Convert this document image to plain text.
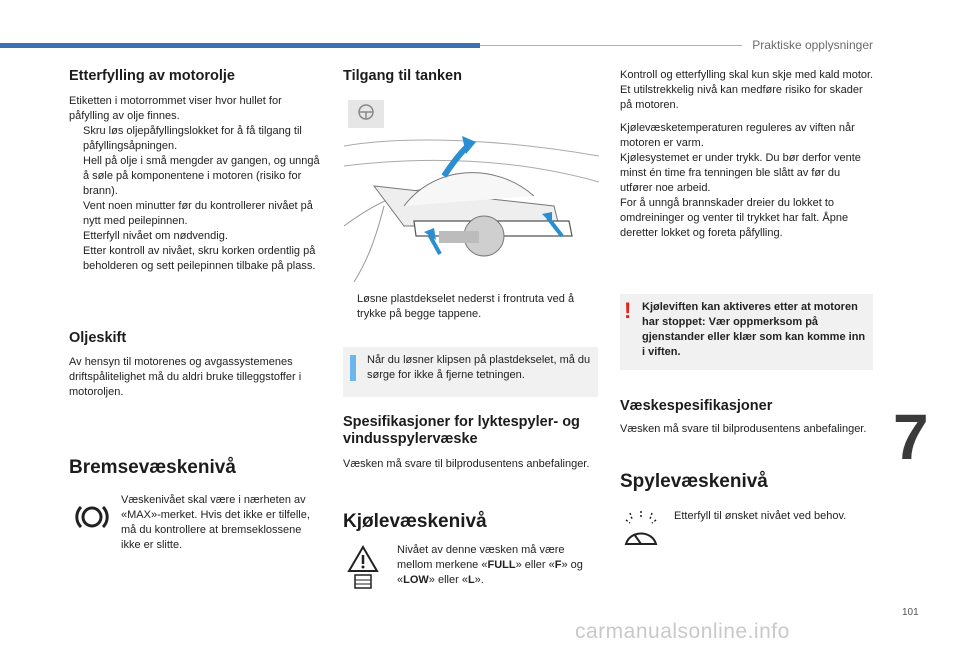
Praktiske opplysninger
Etterfylling av motorolje

Etiketten i motorrommet viser hvor hullet for påfylling av olje finnes.

Skru løs oljepåfyllingslokket for å få tilgang til påfyllingsåpningen.
Hell på olje i små mengder av gangen, og unngå å søle på komponentene i motoren (risiko for brann).
Vent noen minutter før du kontrollerer nivået på nytt med peilepinnen.
Etterfyll nivået om nødvendig.
Etter kontroll av nivået, skru korken ordentlig på beholderen og sett peilepinnen tilbake på plass.
Oljeskift

Av hensyn til motorenes og avgassystemenes driftspålitelighet må du aldri bruke tilleggstoffer i motoroljen.

Bremsevæskenivå
Væskenivået skal være i nærheten av «MAX»-merket. Hvis det ikke er tilfelle, må du kontrollere at bremseklossene ikke er slitte.
Tilgang til tanken
Løsne plastdekselet nederst i frontruta ved å trykke på begge tappene.
Når du løsner klipsen på plastdekselet, må du sørge for ikke å fjerne tetningen.
Spesifikasjoner for lyktespyler- og vindusspylervæske

Væsken må svare til bilprodusentens anbefalinger.

Kjølevæskenivå
Nivået av denne væsken må være mellom merkene «FULL» eller «F» og «LOW» eller «L».

Kontroll og etterfylling skal kun skje med kald motor.

Et utilstrekkelig nivå kan medføre risiko for skader på motoren.

Kjølevæsketemperaturen reguleres av viften når motoren er varm.

Kjølesystemet er under trykk. Du bør derfor vente minst én time fra tenningen ble slått av før du utfører noe arbeid.

For å unngå brannskader dreier du lokket to omdreininger og venter til trykket har falt. Åpne deretter lokket og foreta påfylling.

! Kjøleviften kan aktiveres etter at motoren har stoppet: Vær oppmerksom på gjenstander eller klær som kan komme inn i viften.
Væskespesifikasjoner

Væsken må svare til bilprodusentens anbefalinger.

Spylevæskenivå
Etterfyll til ønsket nivået ved behov.
7
101
carmanualsonline.info
